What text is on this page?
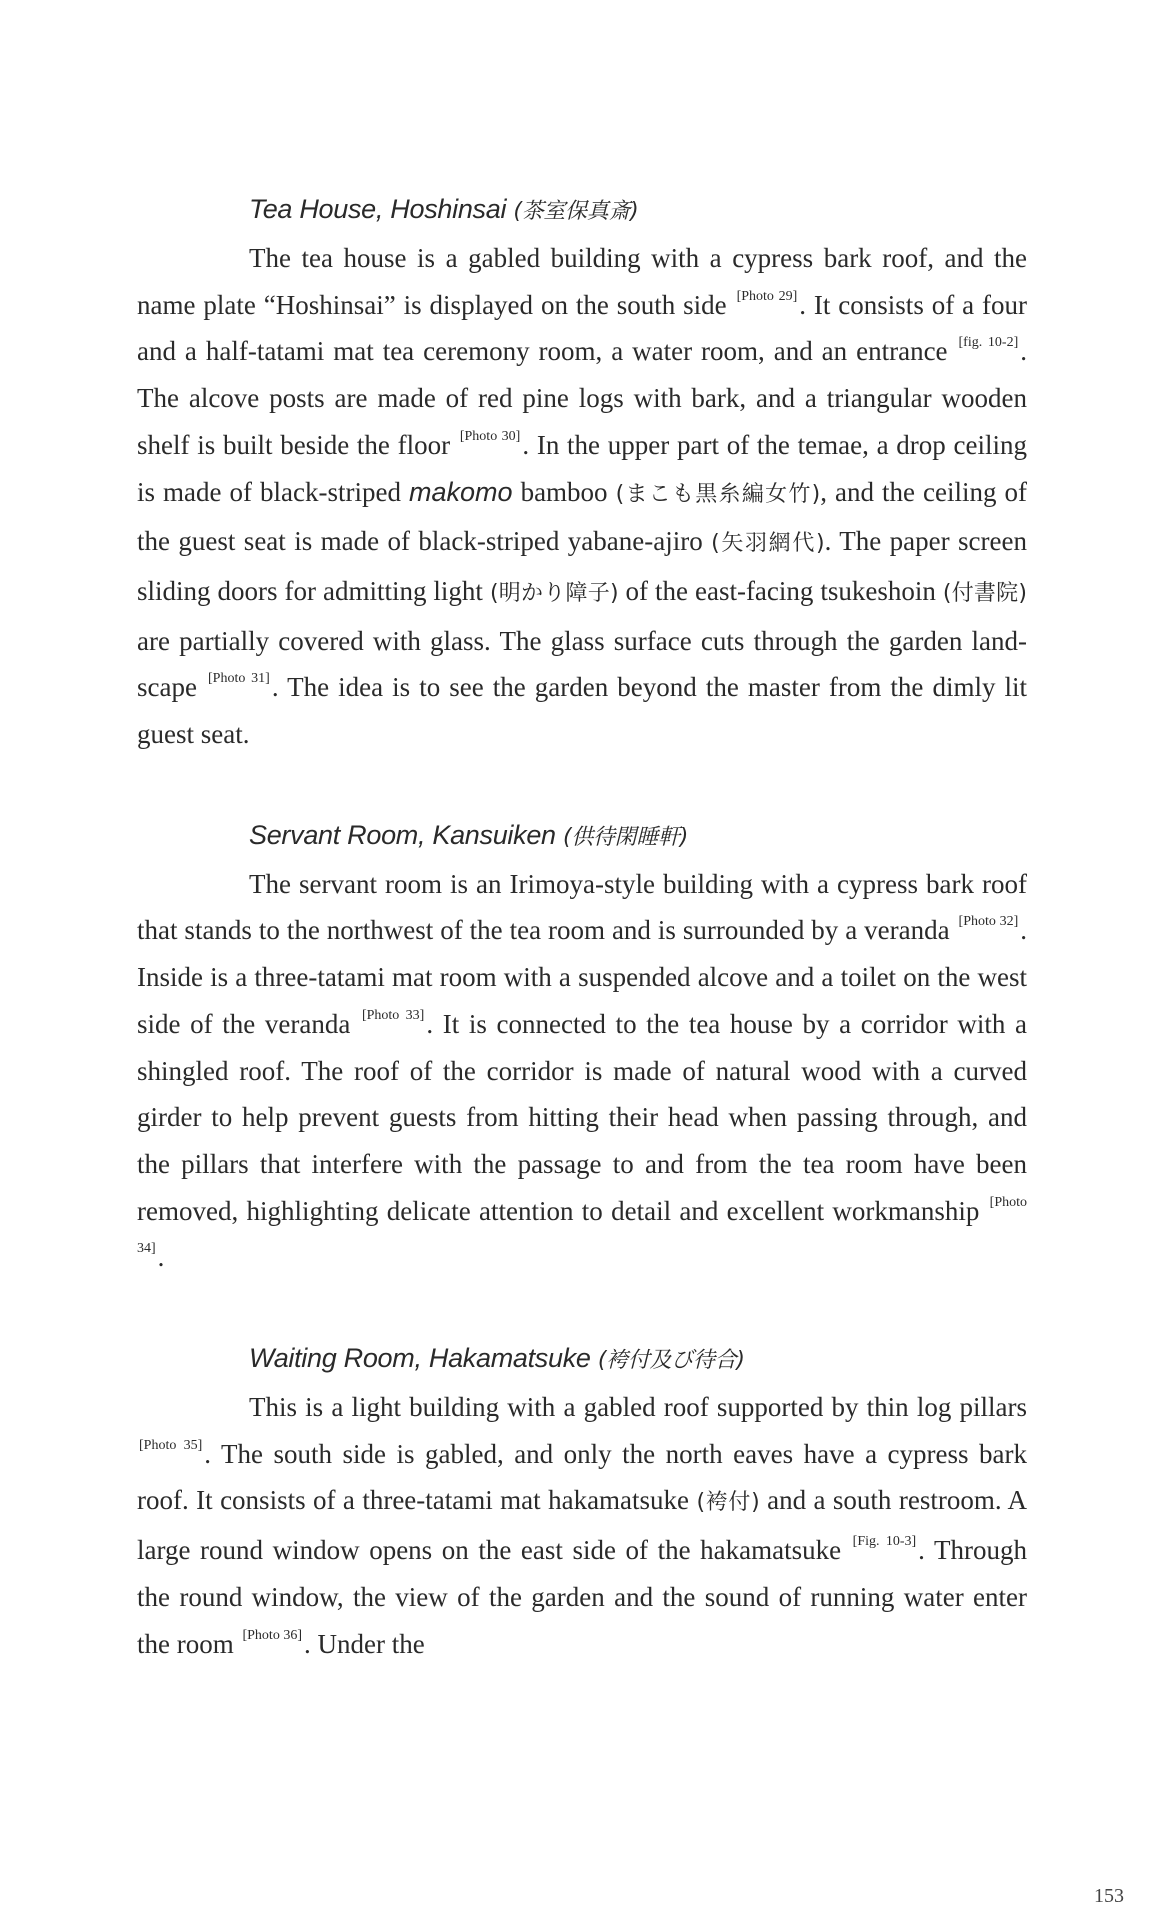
Tea House, Hoshinsai (茶室保真斎)

The tea house is a gabled building with a cypress bark roof, and the name plate “Hoshinsai” is displayed on the south side [Photo 29]. It consists of a four and a half-tatami mat tea ceremony room, a water room, and an entrance [fig. 10-2]. The alcove posts are made of red pine logs with bark, and a triangular wooden shelf is built beside the floor [Photo 30]. In the upper part of the temae, a drop ceiling is made of black-striped makomo bamboo (まこも黒糸編女竹), and the ceiling of the guest seat is made of black-striped yabane-ajiro (矢羽網代). The paper screen sliding doors for admitting light (明かり障子) of the east-facing tsukeshoin (付書院) are partially covered with glass. The glass surface cuts through the garden landscape [Photo 31]. The idea is to see the garden beyond the master from the dimly lit guest seat.

Servant Room, Kansuiken (供待閑睡軒)

The servant room is an Irimoya-style building with a cypress bark roof that stands to the northwest of the tea room and is surrounded by a veranda [Photo 32]. Inside is a three-tatami mat room with a suspended alcove and a toilet on the west side of the veranda [Photo 33]. It is connected to the tea house by a corridor with a shingled roof. The roof of the corridor is made of natural wood with a curved girder to help prevent guests from hitting their head when passing through, and the pillars that interfere with the passage to and from the tea room have been removed, highlighting delicate attention to detail and excellent workmanship [Photo 34].

Waiting Room, Hakamatsuke (袴付及び待合)

This is a light building with a gabled roof supported by thin log pillars [Photo 35]. The south side is gabled, and only the north eaves have a cypress bark roof. It consists of a three-tatami mat hakamatsuke (袴付) and a south restroom. A large round window opens on the east side of the hakamatsuke [Fig. 10-3]. Through the round window, the view of the garden and the sound of running water enter the room [Photo 36]. Under the

153
